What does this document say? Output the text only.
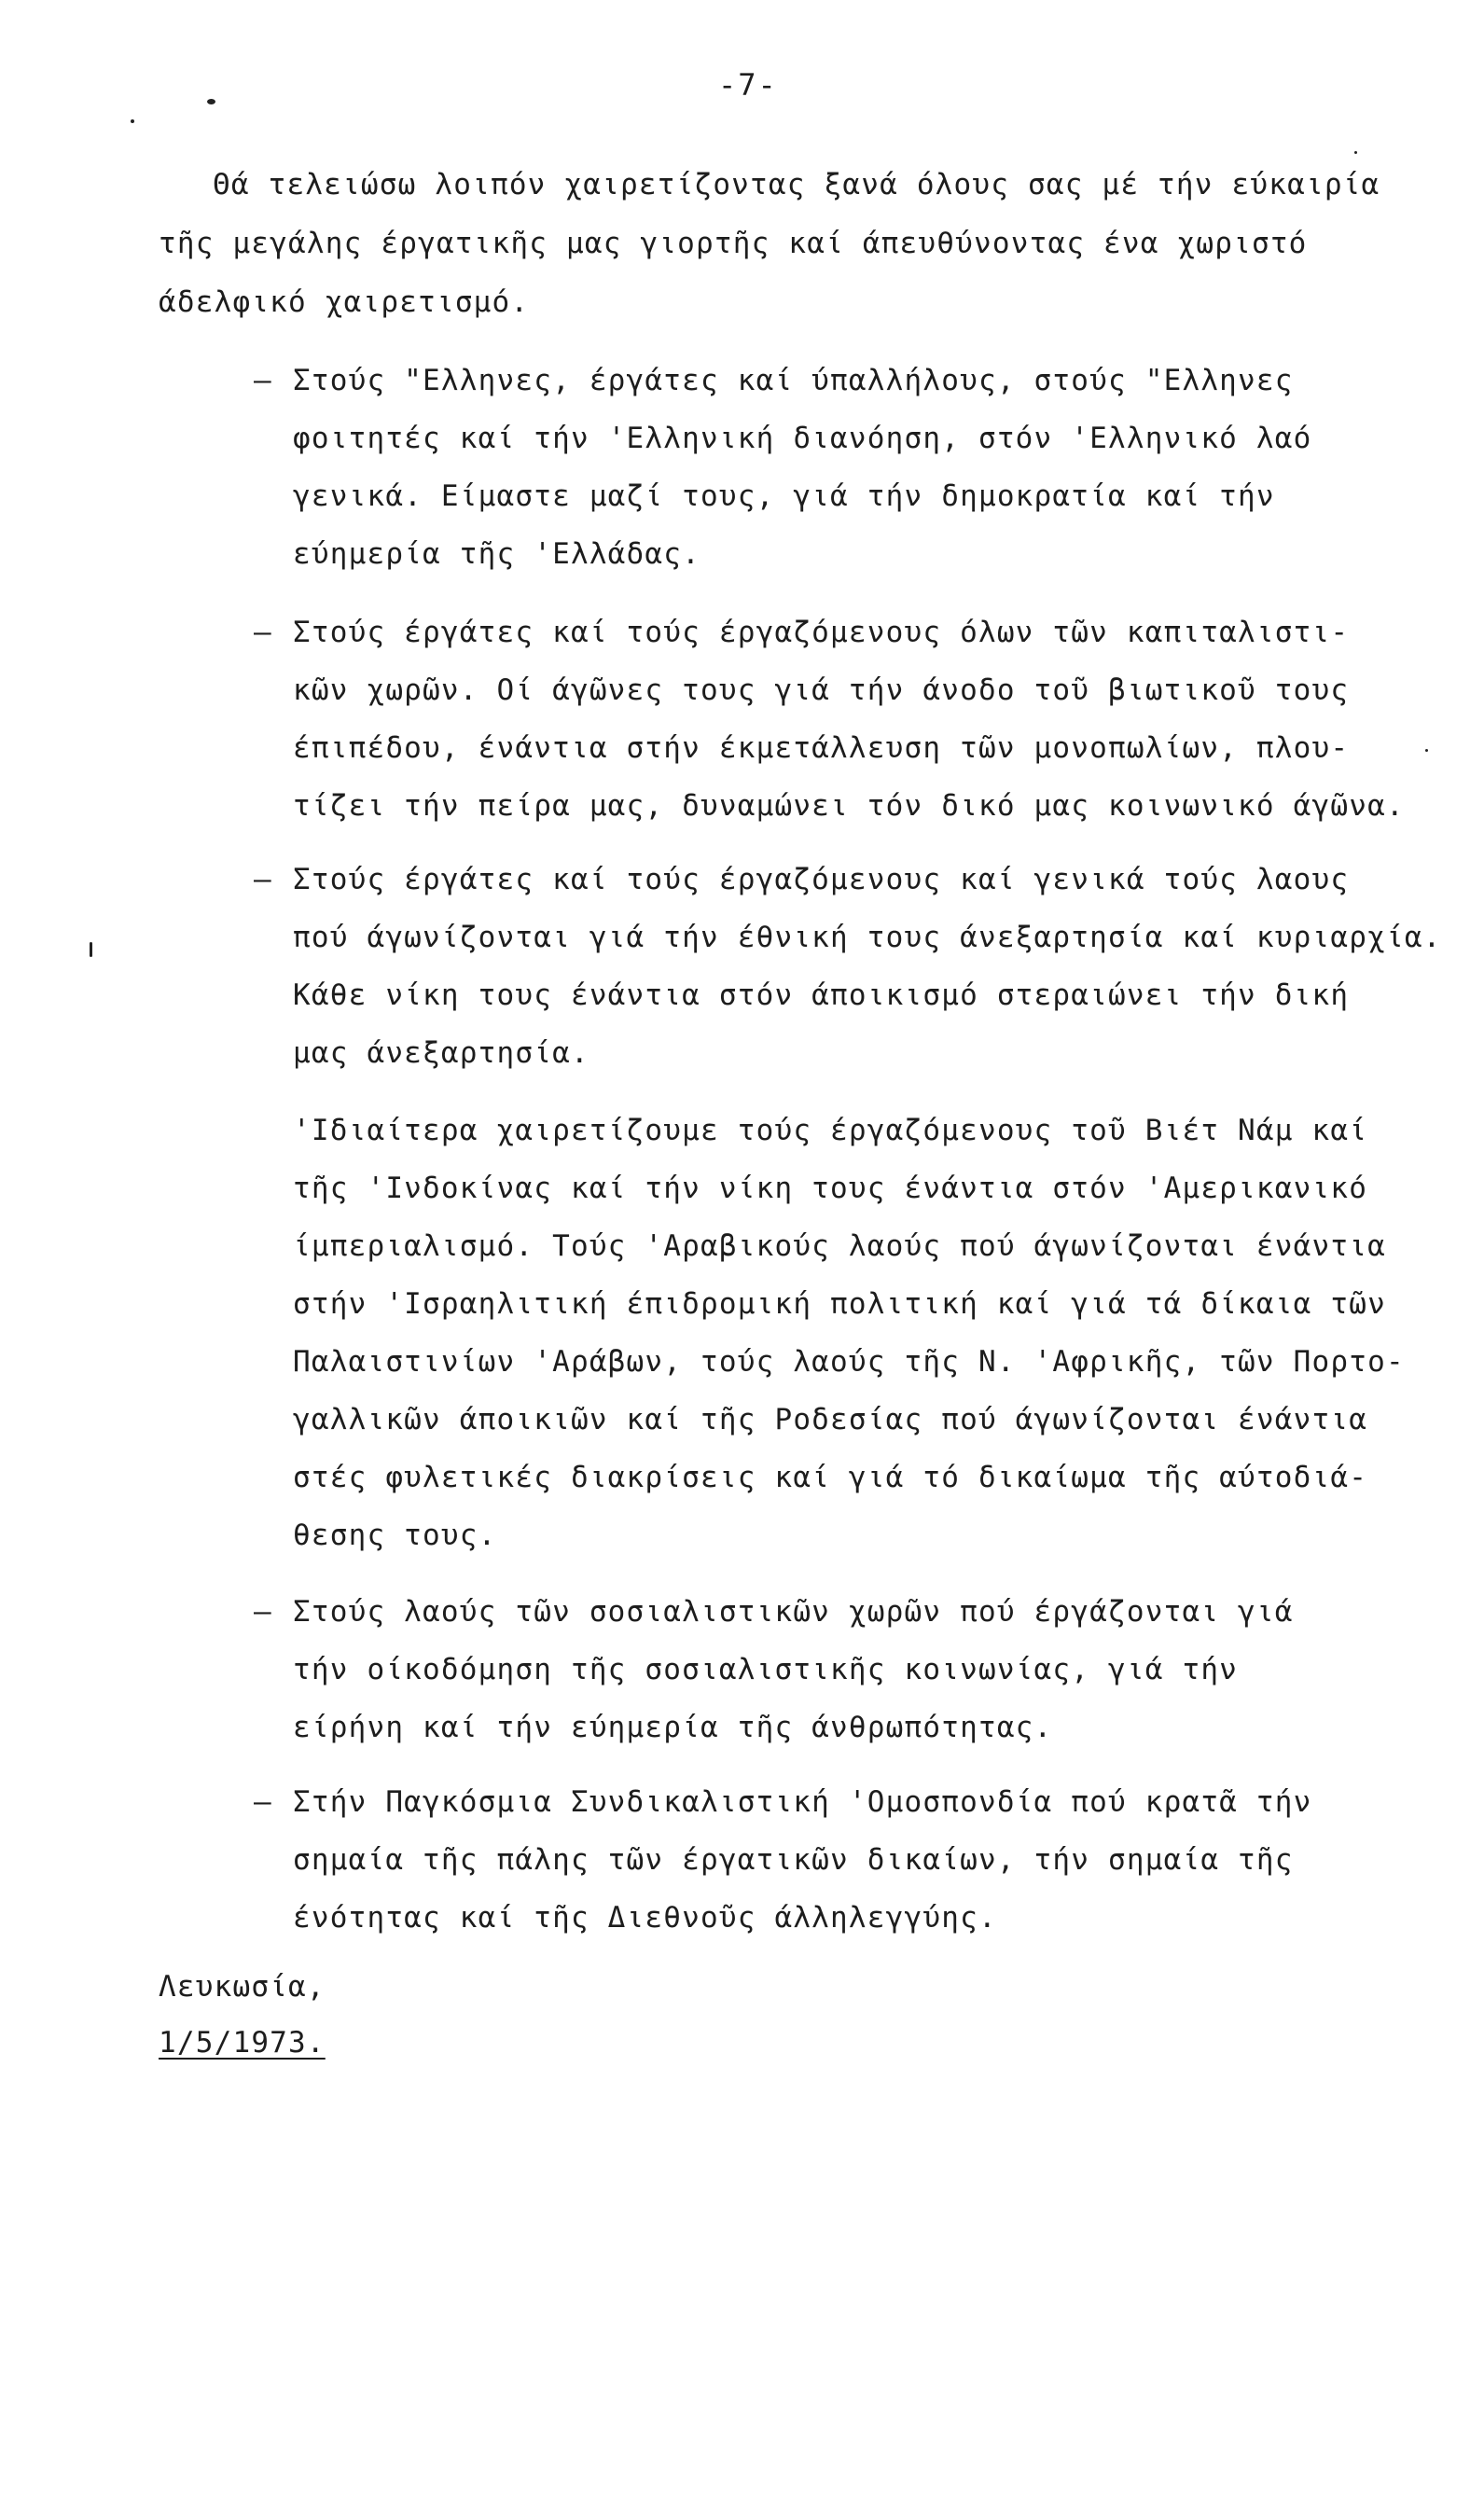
-7-
Θά τελειώσω λοιπόν χαιρετίζοντας ξανά όλους σας μέ τήν εύκαιρία
τῆς μεγάλης έργατικῆς μας γιορτῆς καί άπευθύνοντας ένα χωριστό
άδελφικό χαιρετισμό.
– Στούς "Ελληνες, έργάτες καί ύπαλλήλους, στούς "Ελληνες
φοιτητές καί τήν 'Ελληνική διανόηση, στόν 'Ελληνικό λαό
γενικά. Είμαστε μαζί τους, γιά τήν δημοκρατία καί τήν
εύημερία τῆς 'Ελλάδας.
– Στούς έργάτες καί τούς έργαζόμενους όλων τῶν καπιταλιστι-
κῶν χωρῶν. Οί άγῶνες τους γιά τήν άνοδο τοῦ βιωτικοῦ τους
έπιπέδου, ένάντια στήν έκμετάλλευση τῶν μονοπωλίων, πλου-
τίζει τήν πείρα μας, δυναμώνει τόν δικό μας κοινωνικό άγῶνα.
– Στούς έργάτες καί τούς έργαζόμενους καί γενικά τούς λαους
πού άγωνίζονται γιά τήν έθνική τους άνεξαρτησία καί κυριαρχία.
Κάθε νίκη τους ένάντια στόν άποικισμό στεραιώνει τήν δική
μας άνεξαρτησία.
'Ιδιαίτερα χαιρετίζουμε τούς έργαζόμενους τοῦ Βιέτ Νάμ καί
τῆς 'Ινδοκίνας καί τήν νίκη τους ένάντια στόν 'Αμερικανικό
ίμπεριαλισμό. Τούς 'Αραβικούς λαούς πού άγωνίζονται ένάντια
στήν 'Ισραηλιτική έπιδρομική πολιτική καί γιά τά δίκαια τῶν
Παλαιστινίων 'Αράβων, τούς λαούς τῆς Ν. 'Αφρικῆς, τῶν Πορτο-
γαλλικῶν άποικιῶν καί τῆς Ροδεσίας πού άγωνίζονται ένάντια
στές φυλετικές διακρίσεις καί γιά τό δικαίωμα τῆς αύτοδιά-
θεσης τους.
– Στούς λαούς τῶν σοσιαλιστικῶν χωρῶν πού έργάζονται γιά
τήν οίκοδόμηση τῆς σοσιαλιστικῆς κοινωνίας, γιά τήν
είρήνη καί τήν εύημερία τῆς άνθρωπότητας.
– Στήν Παγκόσμια Συνδικαλιστική 'Ομοσπονδία πού κρατᾶ τήν
σημαία τῆς πάλης τῶν έργατικῶν δικαίων, τήν σημαία τῆς
ένότητας καί τῆς Διεθνοῦς άλληλεγγύης.
Λευκωσία,
1/5/1973.
